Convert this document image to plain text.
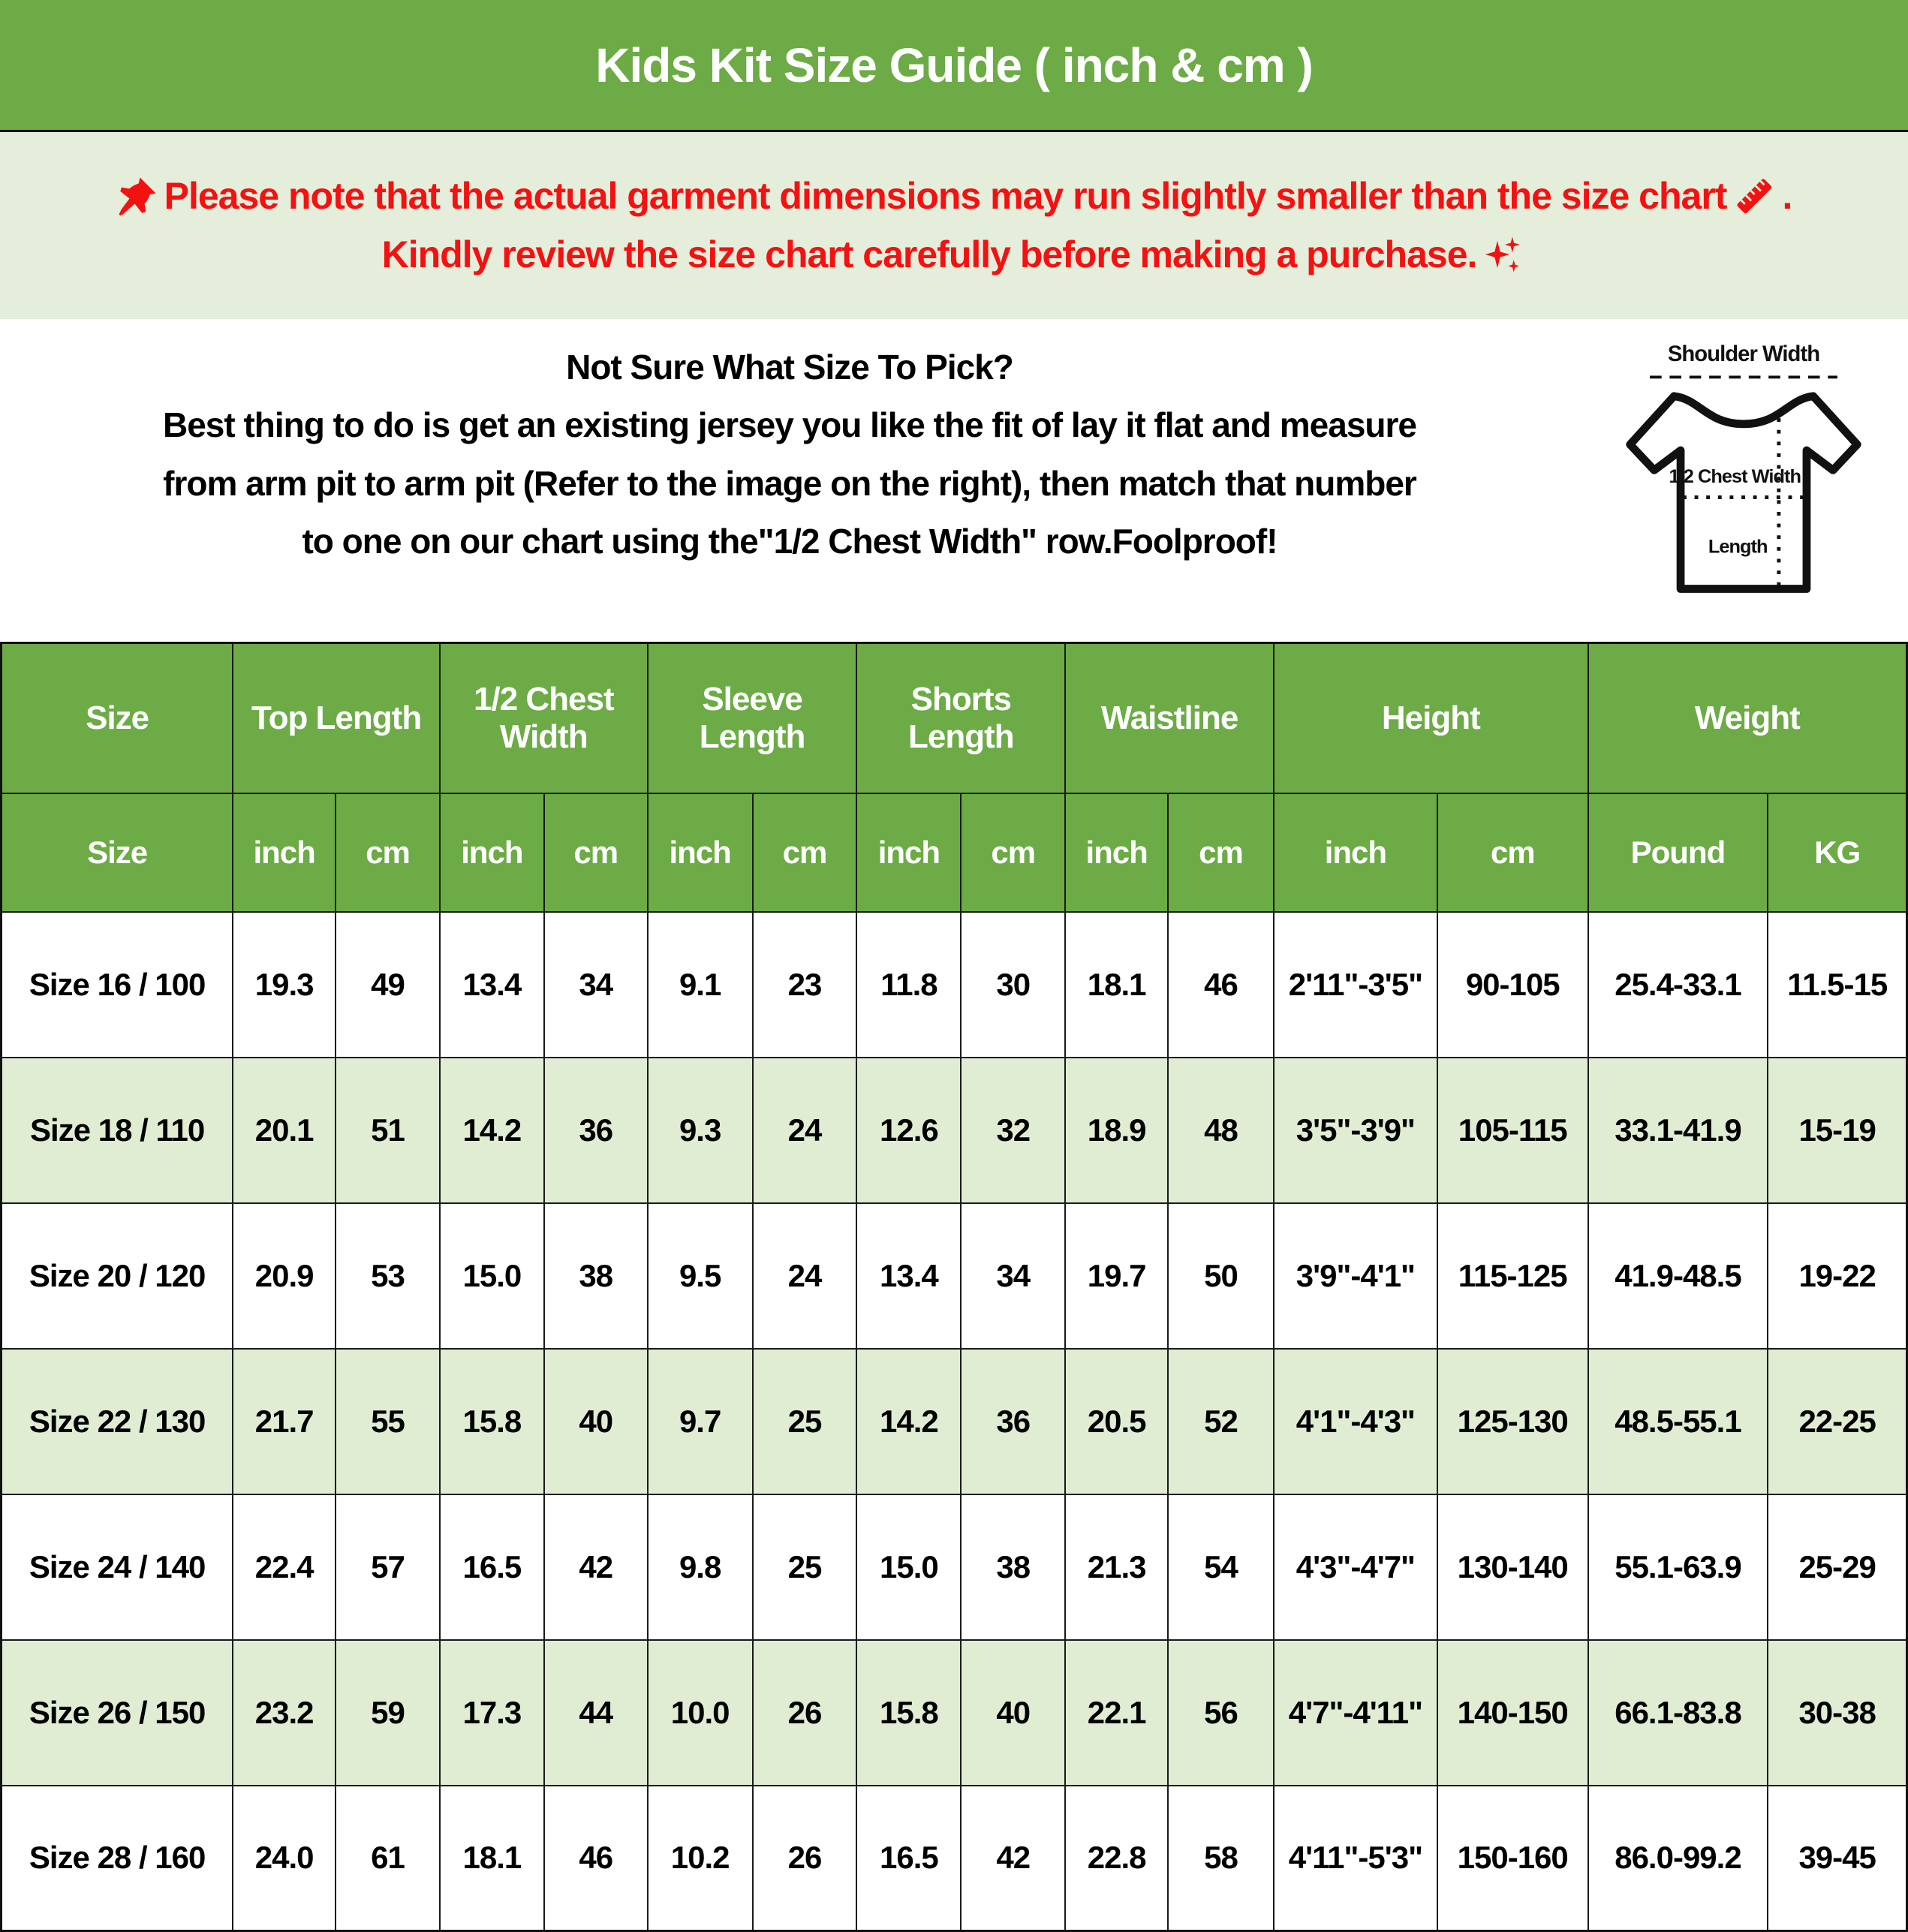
Kids Kit Size Guide ( inch & cm )
Please note that the actual garment dimensions may run slightly smaller than the size chart .
Kindly review the size chart carefully before making a purchase.
Not Sure What Size To Pick?
Best thing to do is get an existing jersey you like the fit of lay it flat and measure
from arm pit to arm pit (Refer to the image on the right), then match that number
to one on our chart using the"1/2 Chest Width" row.Foolproof!
Shoulder Width
1/2 Chest Width
Length
Size	Top Length		1/2 Chest Width		Sleeve Length		Shorts Length		Waistline		Height		Weight	
Size	inch	cm	inch	cm	inch	cm	inch	cm	inch	cm	inch	cm	Pound	KG
Size 16 / 100	19.3	49	13.4	34	9.1	23	11.8	30	18.1	46	2'11"-3'5"	90-105	25.4-33.1	11.5-15
Size 18 / 110	20.1	51	14.2	36	9.3	24	12.6	32	18.9	48	3'5"-3'9"	105-115	33.1-41.9	15-19
Size 20 / 120	20.9	53	15.0	38	9.5	24	13.4	34	19.7	50	3'9"-4'1"	115-125	41.9-48.5	19-22
Size 22 / 130	21.7	55	15.8	40	9.7	25	14.2	36	20.5	52	4'1"-4'3"	125-130	48.5-55.1	22-25
Size 24 / 140	22.4	57	16.5	42	9.8	25	15.0	38	21.3	54	4'3"-4'7"	130-140	55.1-63.9	25-29
Size 26 / 150	23.2	59	17.3	44	10.0	26	15.8	40	22.1	56	4'7"-4'11"	140-150	66.1-83.8	30-38
Size 28 / 160	24.0	61	18.1	46	10.2	26	16.5	42	22.8	58	4'11"-5'3"	150-160	86.0-99.2	39-45
